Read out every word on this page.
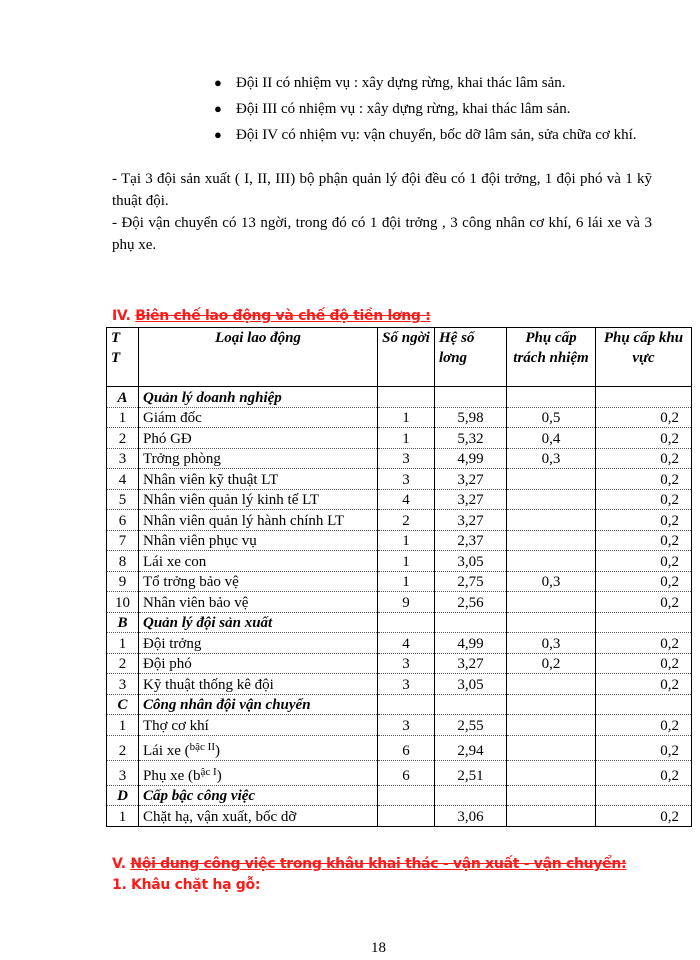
● Đội II có nhiệm vụ : xây dựng rừng, khai thác lâm sản.
● Đội III có nhiệm vụ : xây dựng rừng, khai thác lâm sản.
● Đội IV có nhiệm vụ: vận chuyển, bốc dỡ lâm sản, sửa chữa cơ khí.
- Tại 3 đội sản xuất ( I, II, III) bộ phận quản lý đội đều có 1 đội trởng, 1 đội phó và 1 kỹ thuật đội.
- Đội vận chuyển có 13 ngời, trong đó có 1 đội trởng , 3 công nhân cơ khí, 6 lái xe và 3 phụ xe.
IV. Biên chế lao động và chế độ tiền lơng :
T
T	Loại lao động	Số ngời	Hệ số lơng	Phụ cấp trách nhiệm	Phụ cấp khu vực
A	Quản lý doanh nghiệp				
1	Giám đốc	1	5,98	0,5	0,2
2	Phó GĐ	1	5,32	0,4	0,2
3	Trởng phòng	3	4,99	0,3	0,2
4	Nhân viên kỹ thuật LT	3	3,27		0,2
5	Nhân viên quản lý kinh tế LT	4	3,27		0,2
6	Nhân viên quản lý hành chính LT	2	3,27		0,2
7	Nhân viên phục vụ	1	2,37		0,2
8	Lái xe con	1	3,05		0,2
9	Tổ trởng bảo vệ	1	2,75	0,3	0,2
10	Nhân viên bảo vệ	9	2,56		0,2
B	Quản lý đội sản xuất				
1	Đội trởng	4	4,99	0,3	0,2
2	Đội phó	3	3,27	0,2	0,2
3	Kỹ thuật thống kê đội	3	3,05		0,2
C	Công nhân đội vận chuyển				
1	Thợ cơ khí	3	2,55		0,2
2	Lái xe ($^{bậc II}$)	6	2,94		0,2
3	Phụ xe $(b^{ậc I})$	6	2,51		0,2
D	Cấp bậc công việc				
1	Chặt hạ, vận xuất, bốc dỡ		3,06		0,2
V. Nội dung công việc trong khâu khai thác - vận xuất - vận chuyển:
1. Khâu chặt hạ gỗ:
18
